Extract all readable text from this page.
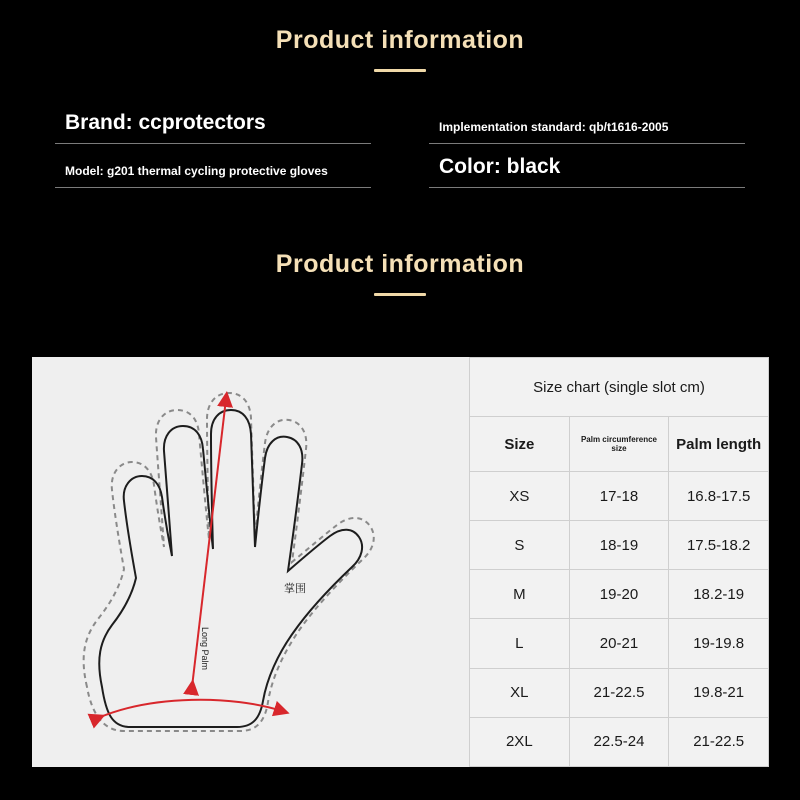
Product information
Brand: ccprotectors
Model: g201 thermal cycling protective gloves
Implementation standard: qb/t1616-2005
Color: black
Product information
掌围
Long Palm
Size chart (single slot cm)		
Size	Palm circumference size	Palm length
XS	17-18	16.8-17.5
S	18-19	17.5-18.2
M	19-20	18.2-19
L	20-21	19-19.8
XL	21-22.5	19.8-21
2XL	22.5-24	21-22.5
